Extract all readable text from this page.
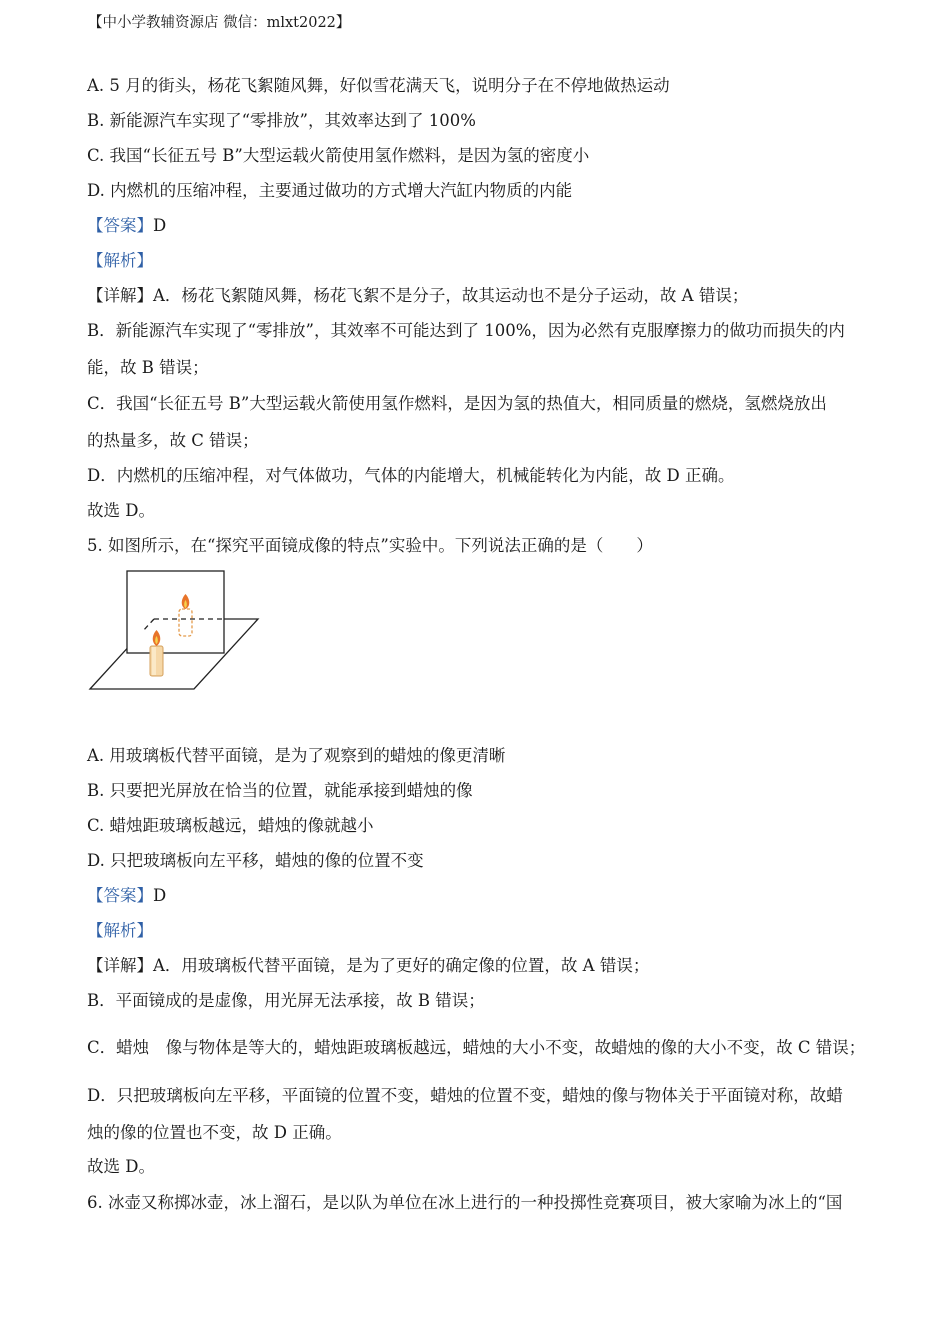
【中小学教辅资源店 微信：mlxt2022】
A. 5 月的街头，杨花飞絮随风舞，好似雪花满天飞，说明分子在不停地做热运动
B. 新能源汽车实现了“零排放”，其效率达到了 100%
C. 我国“长征五号 B”大型运载火箭使用氢作燃料，是因为氢的密度小
D. 内燃机的压缩冲程，主要通过做功的方式增大汽缸内物质的内能
【答案】D
【解析】
【详解】A．杨花飞絮随风舞，杨花飞絮不是分子，故其运动也不是分子运动，故 A 错误；
B．新能源汽车实现了“零排放”，其效率不可能达到了 100%，因为必然有克服摩擦力的做功而损失的内
能，故 B 错误；
C．我国“长征五号 B”大型运载火箭使用氢作燃料，是因为氢的热值大，相同质量的燃烧，氢燃烧放出
的热量多，故 C 错误；
D．内燃机的压缩冲程，对气体做功，气体的内能增大，机械能转化为内能，故 D 正确。
故选 D。
5. 如图所示，在“探究平面镜成像的特点”实验中。下列说法正确的是（　　）
A. 用玻璃板代替平面镜，是为了观察到的蜡烛的像更清晰
B. 只要把光屏放在恰当的位置，就能承接到蜡烛的像
C. 蜡烛距玻璃板越远，蜡烛的像就越小
D. 只把玻璃板向左平移，蜡烛的像的位置不变
【答案】D
【解析】
【详解】A．用玻璃板代替平面镜，是为了更好的确定像的位置，故 A 错误；
B．平面镜成的是虚像，用光屏无法承接，故 B 错误；
C．蜡烛　像与物体是等大的，蜡烛距玻璃板越远，蜡烛的大小不变，故蜡烛的像的大小不变，故 C 错误；
D．只把玻璃板向左平移，平面镜的位置不变，蜡烛的位置不变，蜡烛的像与物体关于平面镜对称，故蜡
烛的像的位置也不变，故 D 正确。
故选 D。
6. 冰壶又称掷冰壶，冰上溜石，是以队为单位在冰上进行的一种投掷性竞赛项目，被大家喻为冰上的“国
